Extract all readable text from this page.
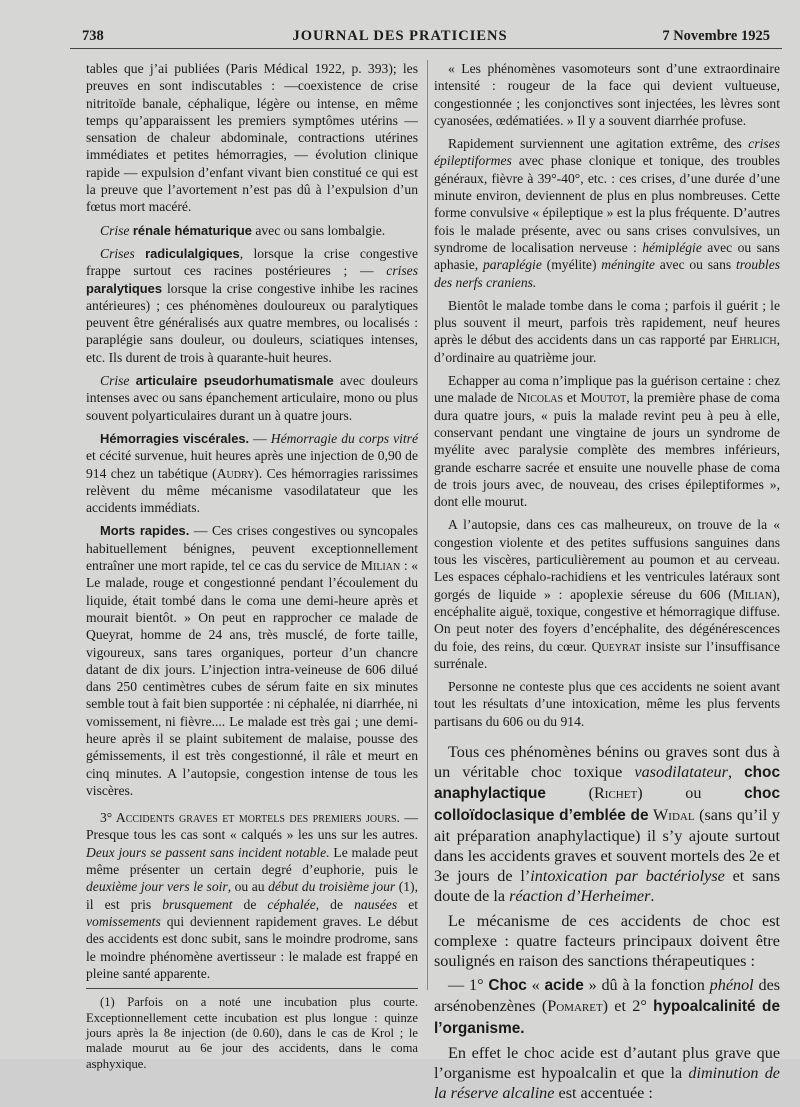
738	JOURNAL DES PRATICIENS	7 Novembre 1925

tables que j’ai publiées (Paris Médical 1922, p. 393); les preuves en sont indiscutables : —coexistence de crise nitritoïde banale, céphalique, légère ou intense, en même temps qu’apparaissent les premiers symptômes utérins — sensation de chaleur abdominale, contractions utérines immédiates et petites hémorragies, — évolution clinique rapide — expulsion d’enfant vivant bien constitué ce qui est la preuve que l’avortement n’est pas dû à l’expulsion d’un fœtus mort macéré.

Crise rénale hématurique avec ou sans lombalgie.

Crises radiculalgiques, lorsque la crise congestive frappe surtout ces racines postérieures ; — crises paralytiques lorsque la crise congestive inhibe les racines antérieures) ; ces phénomènes douloureux ou paralytiques peuvent être généralisés aux quatre membres, ou localisés : paraplégie sans douleur, ou douleurs, sciatiques intenses, etc. Ils durent de trois à quarante-huit heures.

Crise articulaire pseudorhumatismale avec douleurs intenses avec ou sans épanchement articulaire, mono ou plus souvent polyarticulaires durant un à quatre jours.

Hémorragies viscérales. — Hémorragie du corps vitré et cécité survenue, huit heures après une injection de 0,90 de 914 chez un tabétique (Audry). Ces hémorragies rarissimes relèvent du même mécanisme vasodilatateur que les accidents immédiats.

Morts rapides. — Ces crises congestives ou syncopales habituellement bénignes, peuvent exceptionnellement entraîner une mort rapide, tel ce cas du service de Milian : « Le malade, rouge et congestionné pendant l’écoulement du liquide, était tombé dans le coma une demi-heure après et mourait bientôt. » On peut en rapprocher ce malade de Queyrat, homme de 24 ans, très musclé, de forte taille, vigoureux, sans tares organiques, porteur d’un chancre datant de dix jours. L’injection intra-veineuse de 606 dilué dans 250 centimètres cubes de sérum faite en six minutes semble tout à fait bien supportée : ni céphalée, ni diarrhée, ni vomissement, ni fièvre.... Le malade est très gai ; une demi-heure après il se plaint subitement de malaise, pousse des gémissements, il est très congestionné, il râle et meurt en cinq minutes. A l’autopsie, congestion intense de tous les viscères.

3° Accidents graves et mortels des premiers jours. — Presque tous les cas sont « calqués » les uns sur les autres. Deux jours se passent sans incident notable. Le malade peut même présenter un certain degré d’euphorie, puis le deuxième jour vers le soir, ou au début du troisième jour (1), il est pris brusquement de céphalée, de nausées et vomissements qui deviennent rapidement graves. Le début des accidents est donc subit, sans le moindre prodrome, sans le moindre phénomène avertisseur : le malade est frappé en pleine santé apparente.

(1) Parfois on a noté une incubation plus courte. Exceptionnellement cette incubation est plus longue : quinze jours après la 8e injection (de 0.60), dans le cas de Krol ; le malade mourut au 6e jour des accidents, dans le coma asphyxique.

« Les phénomènes vasomoteurs sont d’une extraordinaire intensité : rougeur de la face qui devient vultueuse, congestionnée ; les conjonctives sont injectées, les lèvres sont cyanosées, œdématiées. » Il y a souvent diarrhée profuse.

Rapidement surviennent une agitation extrême, des crises épileptiformes avec phase clonique et tonique, des troubles généraux, fièvre à 39°-40°, etc. : ces crises, d’une durée d’une minute environ, deviennent de plus en plus nombreuses. Cette forme convulsive « épileptique » est la plus fréquente. D’autres fois le malade présente, avec ou sans crises convulsives, un syndrome de localisation nerveuse : hémiplégie avec ou sans aphasie, paraplégie (myélite) méningite avec ou sans troubles des nerfs craniens.

Bientôt le malade tombe dans le coma ; parfois il guérit ; le plus souvent il meurt, parfois très rapidement, neuf heures après le début des accidents dans un cas rapporté par Ehrlich, d’ordinaire au quatrième jour.

Echapper au coma n’implique pas la guérison certaine : chez une malade de Nicolas et Moutot, la première phase de coma dura quatre jours, « puis la malade revint peu à peu à elle, conservant pendant une vingtaine de jours un syndrome de myélite avec paralysie complète des membres inférieurs, grande escharre sacrée et ensuite une nouvelle phase de coma de trois jours avec, de nouveau, des crises épileptiformes », dont elle mourut.

A l’autopsie, dans ces cas malheureux, on trouve de la « congestion violente et des petites suffusions sanguines dans tous les viscères, particulièrement au poumon et au cerveau. Les espaces céphalo-rachidiens et les ventricules latéraux sont gorgés de liquide » : apoplexie séreuse du 606 (Milian), encéphalite aiguë, toxique, congestive et hémorragique diffuse. On peut noter des foyers d’encéphalite, des dégénérescences du foie, des reins, du cœur. Queyrat insiste sur l’insuffisance surrénale.

Personne ne conteste plus que ces accidents ne soient avant tout les résultats d’une intoxication, même les plus fervents partisans du 606 ou du 914.

Tous ces phénomènes bénins ou graves sont dus à un véritable choc toxique vasodilatateur, choc anaphylactique	(Richet) ou	choc colloïdoclasique d’emblée de Widal (sans qu’il y ait préparation anaphylactique) il s’y ajoute surtout dans les accidents graves et souvent mortels des 2e et 3e jours de l’intoxication par bactériolyse et sans doute de la réaction d’Herheimer.

Le mécanisme de ces accidents de choc est complexe : quatre facteurs principaux doivent être soulignés en raison des sanctions thérapeutiques :

— 1° Choc « acide » dû à la fonction phénol des arsénobenzènes (Pomaret) et 2° hypoalcalinité de l’organisme.

En effet le choc acide est d’autant plus grave que l’organisme est hypoalcalin et que la diminution de la réserve alcaline est accentuée :
